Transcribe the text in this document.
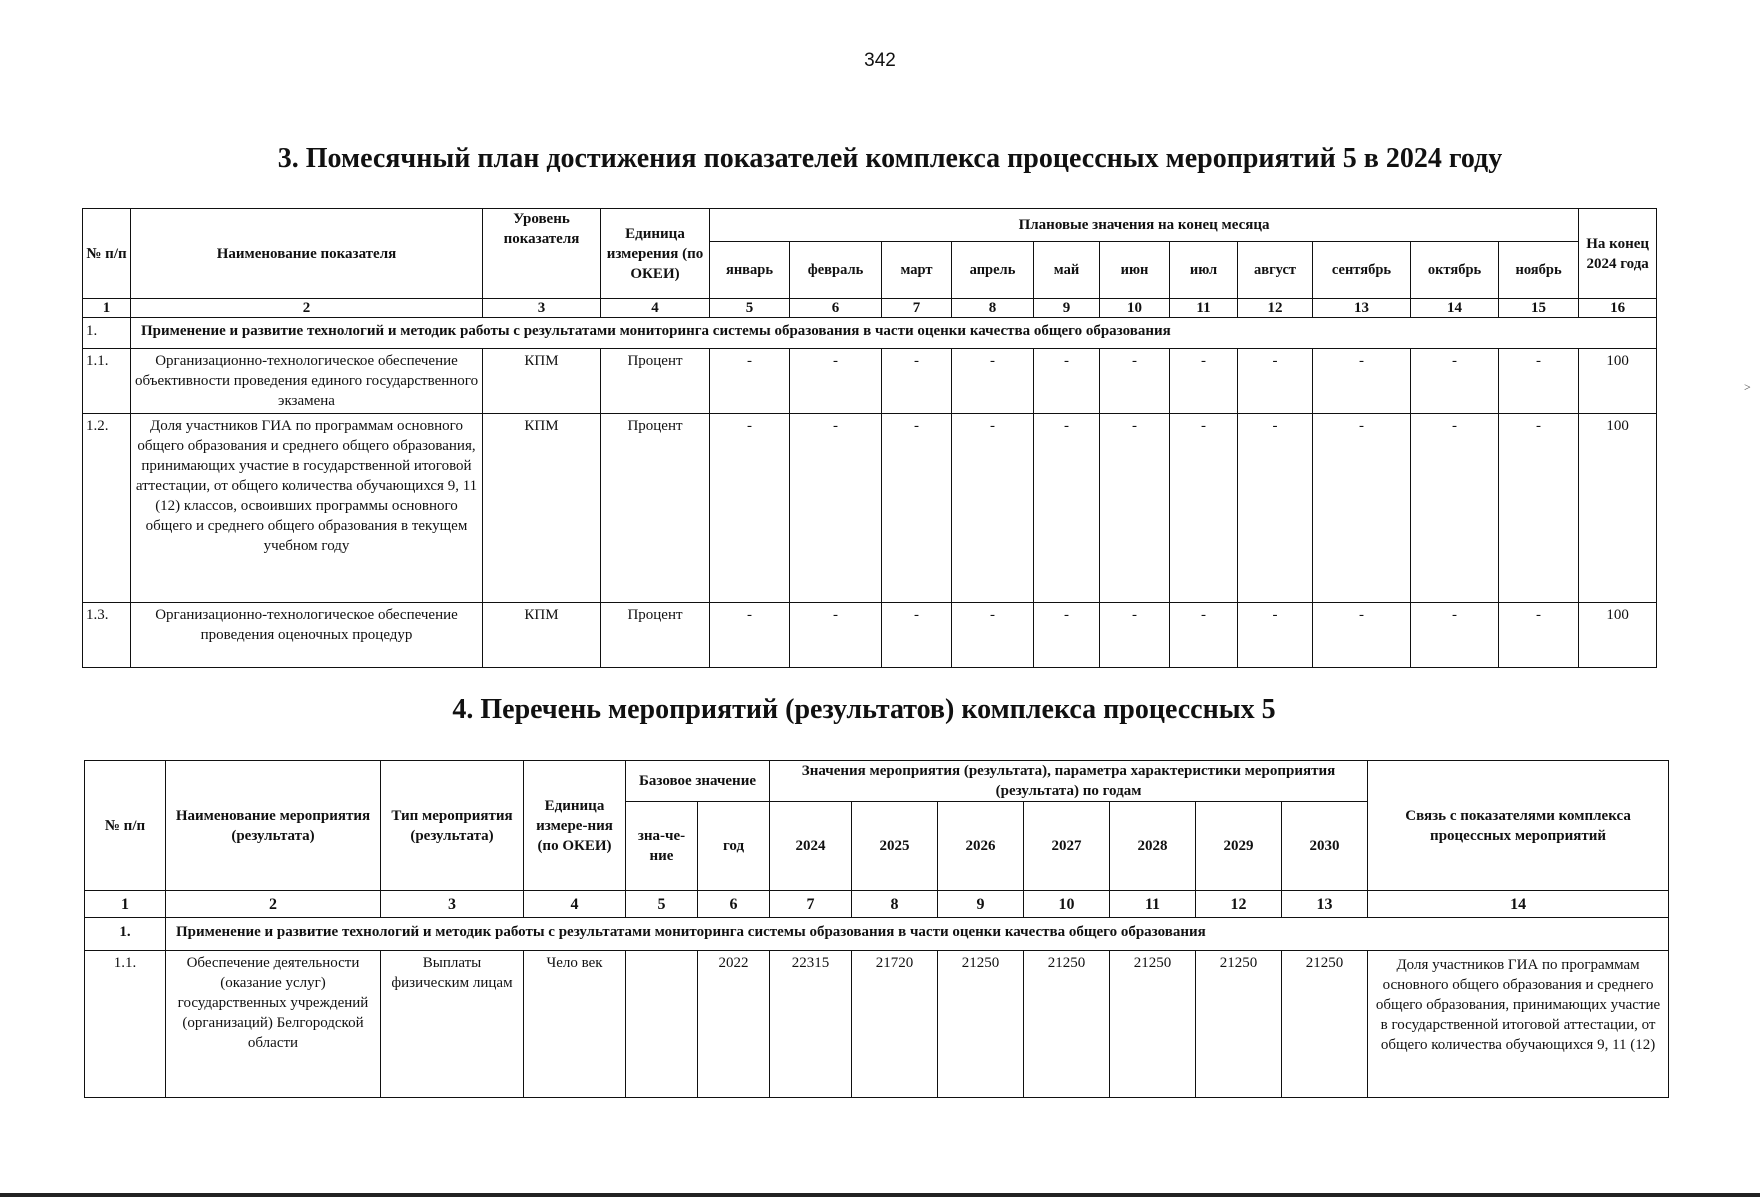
342
3. Помесячный план достижения показателей комплекса процессных мероприятий 5 в 2024 году
№ п/п	Наименование показателя	Уровень показателя	Единица измерения (по ОКЕИ)	Плановые значения на конец месяца											На конец 2024 года
				январь	февраль	март	апрель	май	июн	июл	август	сентябрь	октябрь	ноябрь	
1	2	3	4	5	6	7	8	9	10	11	12	13	14	15	16
1.	Применение и развитие технологий и методик работы с результатами мониторинга системы образования в части оценки качества общего образования														
1.1.	Организационно-технологическое обеспечение объективности проведения единого государственного экзамена	КПМ	Процент	-	-	-	-	-	-	-	-	-	-	-	100
1.2.	Доля участников ГИА по программам основного общего образования и среднего общего образования, принимающих участие в государственной итоговой аттестации, от общего количества обучающихся 9, 11 (12) классов, освоивших программы основного общего и среднего общего образования в текущем учебном году	КПМ	Процент	-	-	-	-	-	-	-	-	-	-	-	100
1.3.	Организационно-технологическое обеспечение проведения оценочных процедур	КПМ	Процент	-	-	-	-	-	-	-	-	-	-	-	100
4. Перечень мероприятий (результатов) комплекса процессных 5
№ п/п	Наименование мероприятия (результата)	Тип мероприятия (результата)	Единица измере-ния (по ОКЕИ)	Базовое значение		Значения мероприятия (результата), параметра характеристики мероприятия (результата) по годам							Связь с показателями комплекса процессных мероприятий
				зна-че-ние	год	2024	2025	2026	2027	2028	2029	2030	
1	2	3	4	5	6	7	8	9	10	11	12	13	14
1.	Применение и развитие технологий и методик работы с результатами мониторинга системы образования в части оценки качества общего образования												
1.1.	Обеспечение деятельности (оказание услуг) государственных учреждений (организаций) Белгородской области	Выплаты физическим лицам	Чело век		2022	22315	21720	21250	21250	21250	21250	21250	Доля участников ГИА по программам основного общего образования и среднего общего образования, принимающих участие в государственной итоговой аттестации, от общего количества обучающихся 9, 11 (12)
˃
